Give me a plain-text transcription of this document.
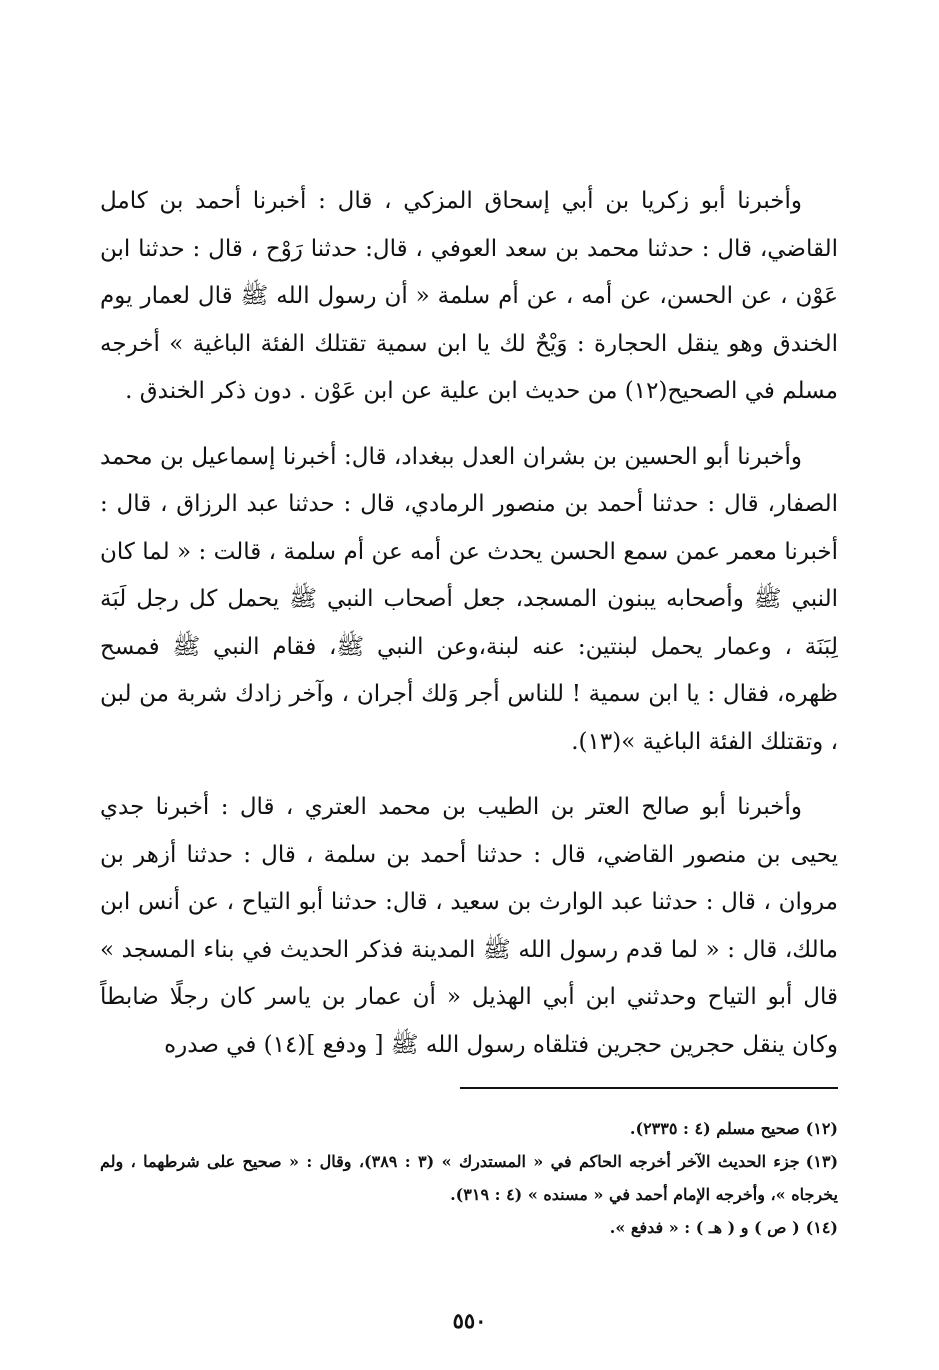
وأخبرنا أبو زكريا بن أبي إسحاق المزكي ، قال : أخبرنا أحمد بن كامل القاضي، قال : حدثنا محمد بن سعد العوفي ، قال: حدثنا رَوْح ، قال : حدثنا ابن عَوْن ، عن الحسن، عن أمه ، عن أم سلمة « أن رسول الله ﷺ قال لعمار يوم الخندق وهو ينقل الحجارة : وَيْحٌ لك يا ابن سمية تقتلك الفئة الباغية » أخرجه مسلم في الصحيح(١٢) من حديث ابن علية عن ابن عَوْن . دون ذكر الخندق .

وأخبرنا أبو الحسين بن بشران العدل ببغداد، قال: أخبرنا إسماعيل بن محمد الصفار، قال : حدثنا أحمد بن منصور الرمادي، قال : حدثنا عبد الرزاق ، قال : أخبرنا معمر عمن سمع الحسن يحدث عن أمه عن أم سلمة ، قالت : « لما كان النبي ﷺ وأصحابه يبنون المسجد، جعل أصحاب النبي ﷺ يحمل كل رجل لَبَة لِبَنَة ، وعمار يحمل لبنتين: عنه لبنة،وعن النبي ﷺ، فقام النبي ﷺ فمسح ظهره، فقال : يا ابن سمية ! للناس أجر وَلك أجران ، وآخر زادك شربة من لبن ، وتقتلك الفئة الباغية »(١٣).

وأخبرنا أبو صالح العتر بن الطيب بن محمد العتري ، قال : أخبرنا جدي يحيى بن منصور القاضي، قال : حدثنا أحمد بن سلمة ، قال : حدثنا أزهر بن مروان ، قال : حدثنا عبد الوارث بن سعيد ، قال: حدثنا أبو التياح ، عن أنس ابن مالك، قال : « لما قدم رسول الله ﷺ المدينة فذكر الحديث في بناء المسجد » قال أبو التياح وحدثني ابن أبي الهذيل « أن عمار بن ياسر كان رجلًا ضابطاً وكان ينقل حجرين حجرين فتلقاه رسول الله ﷺ [ ودفع ](١٤) في صدره

(١٢)صحيح مسلم (٤ : ٢٣٣٥).

(١٣)جزء الحديث الآخر أخرجه الحاكم في « المستدرك » (٣ : ٣٨٩)، وقال : « صحيح على شرطهما ، ولم يخرجاه »، وأخرجه الإمام أحمد في « مسنده » (٤ : ٣١٩).

(١٤)( ص ) و ( هـ ) : « فدفع ».

٥٥٠
